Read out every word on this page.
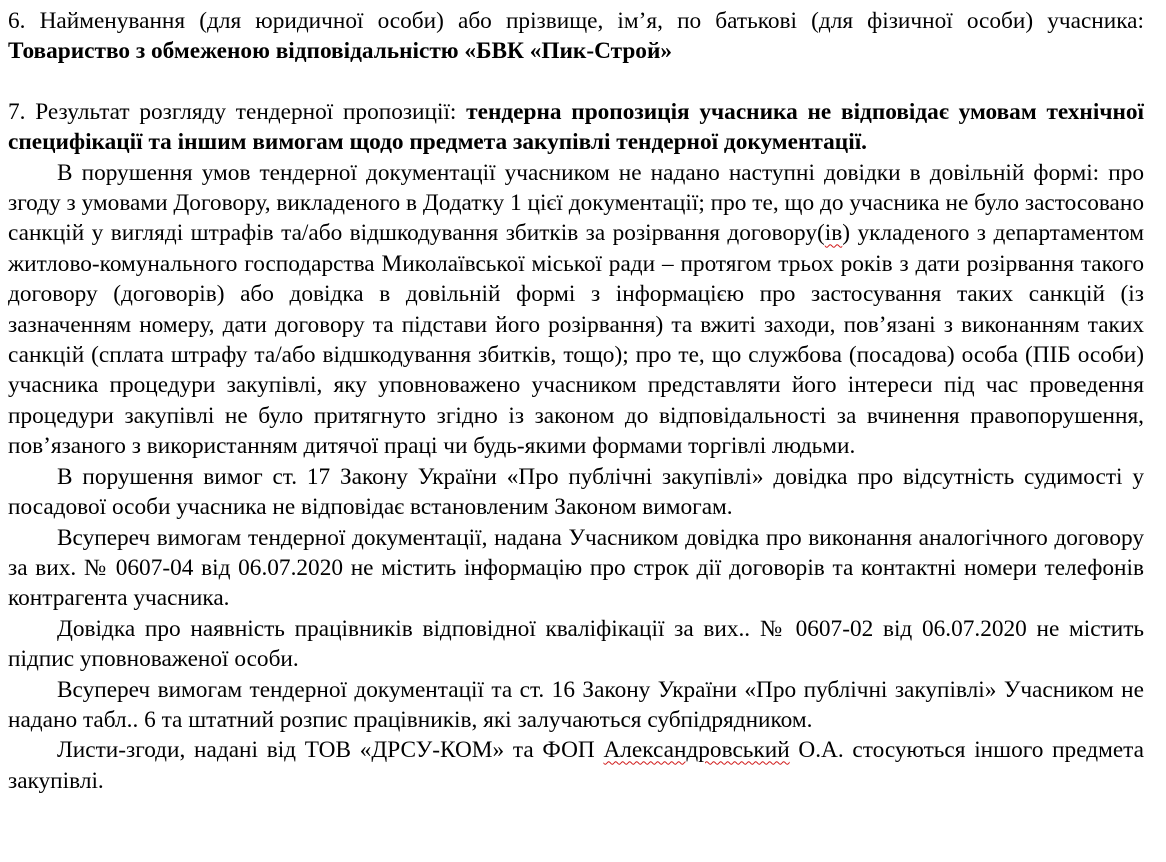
6. Найменування (для юридичної особи) або прізвище, ім’я, по батькові (для фізичної особи) учасника: Товариство з обмеженою відповідальністю «БВК «Пик-Строй»

7. Результат розгляду тендерної пропозиції: тендерна пропозиція учасника не відповідає умовам технічної специфікації та іншим вимогам щодо предмета закупівлі тендерної документації.

В порушення умов тендерної документації учасником не надано наступні довідки в довільній формі: про згоду з умовами Договору, викладеного в Додатку 1 цієї документації; про те, що до учасника не було застосовано санкцій у вигляді штрафів та/або відшкодування збитків за розірвання договору(ів) укладеного з департаментом житлово-комунального господарства Миколаївської міської ради – протягом трьох років з дати розірвання такого договору (договорів) або довідка в довільній формі з інформацією про застосування таких санкцій (із зазначенням номеру, дати договору та підстави його розірвання) та вжиті заходи, пов’язані з виконанням таких санкцій (сплата штрафу та/або відшкодування збитків, тощо); про те, що службова (посадова) особа (ПІБ особи) учасника процедури закупівлі, яку уповноважено учасником представляти його інтереси під час проведення процедури закупівлі не було притягнуто згідно із законом до відповідальності за вчинення правопорушення, пов’язаного з використанням дитячої праці чи будь-якими формами торгівлі людьми.

В порушення вимог ст. 17 Закону України «Про публічні закупівлі» довідка про відсутність судимості у посадової особи учасника не відповідає встановленим Законом вимогам.

Всупереч вимогам тендерної документації, надана Учасником довідка про виконання аналогічного договору за вих. № 0607-04 від 06.07.2020 не містить інформацію про строк дії договорів та контактні номери телефонів контрагента учасника.

Довідка про наявність працівників відповідної кваліфікації за вих.. № 0607-02 від 06.07.2020 не містить підпис уповноваженої особи.

Всупереч вимогам тендерної документації та ст. 16 Закону України «Про публічні закупівлі» Учасником не надано табл.. 6 та штатний розпис працівників, які залучаються субпідрядником.

Листи-згоди, надані від ТОВ «ДРСУ-КОМ» та ФОП Александровський О.А. стосуються іншого предмета закупівлі.
